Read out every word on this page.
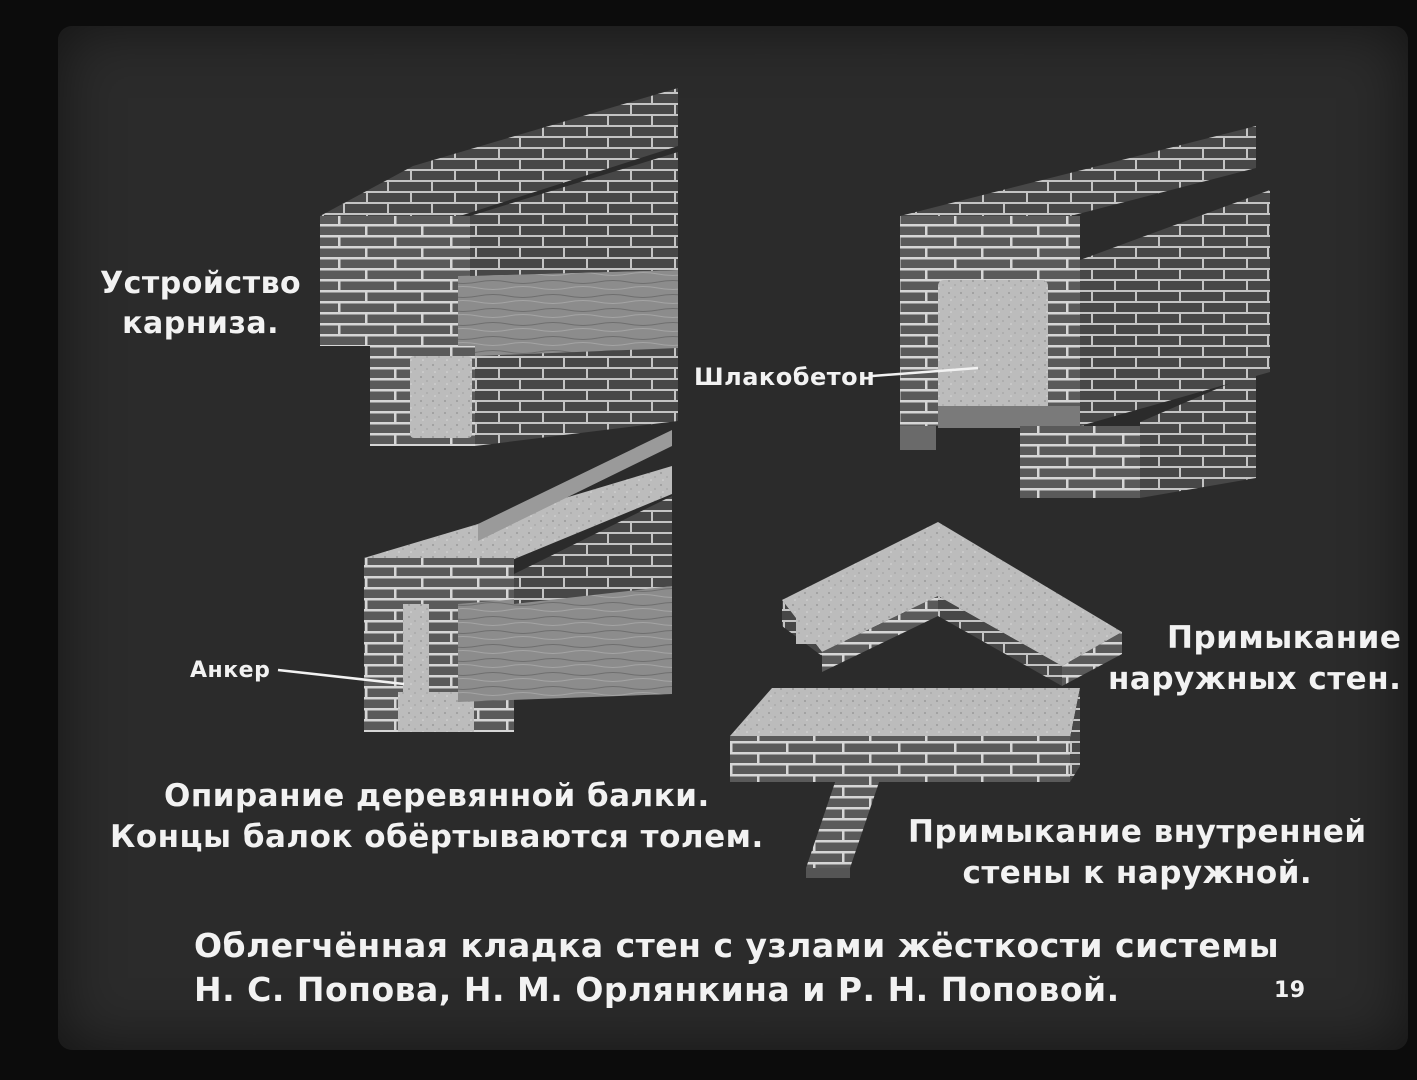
Устройство
карниза.
Шлакобетон
Анкер
Опирание деревянной балки.
Концы балок обёртываются толем.
Примыкание
наружных стен.
Примыкание внутренней
стены к наружной.
Облегчённая кладка стен с узлами жёсткости системы
Н. С. Попова, Н. М. Орлянкина и Р. Н. Поповой.	19
